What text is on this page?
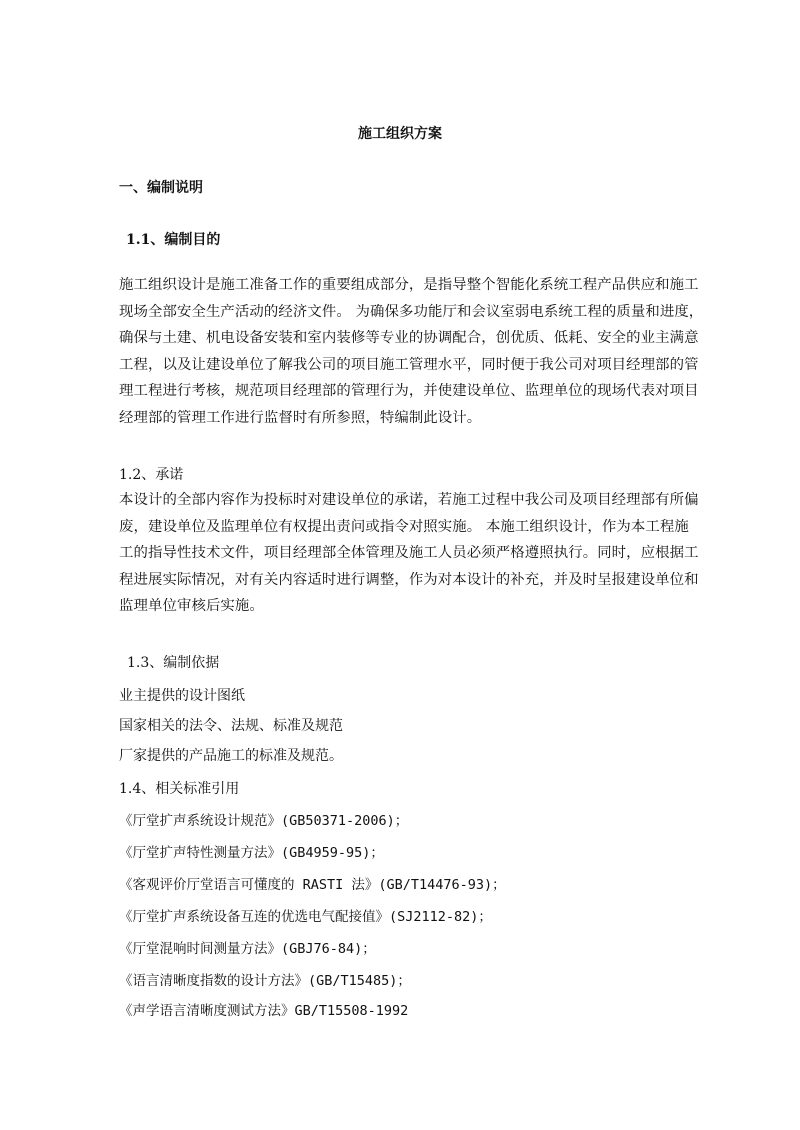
施工组织方案
一、编制说明
1.1、编制目的
施工组织设计是施工准备工作的重要组成部分，是指导整个智能化系统工程产品供应和施工
现场全部安全生产活动的经济文件。 为确保多功能厅和会议室弱电系统工程的质量和进度，
确保与土建、机电设备安装和室内装修等专业的协调配合，创优质、低耗、安全的业主满意
工程，以及让建设单位了解我公司的项目施工管理水平，同时便于我公司对项目经理部的管
理工程进行考核，规范项目经理部的管理行为，并使建设单位、监理单位的现场代表对项目
经理部的管理工作进行监督时有所参照，特编制此设计。
1.2、承诺
本设计的全部内容作为投标时对建设单位的承诺，若施工过程中我公司及项目经理部有所偏
废，建设单位及监理单位有权提出责问或指令对照实施。 本施工组织设计，作为本工程施
工的指导性技术文件，项目经理部全体管理及施工人员必须严格遵照执行。同时，应根据工
程进展实际情况，对有关内容适时进行调整，作为对本设计的补充，并及时呈报建设单位和
监理单位审核后实施。
1.3、编制依据
业主提供的设计图纸
国家相关的法令、法规、标准及规范
厂家提供的产品施工的标准及规范。
1.4、相关标准引用
《厅堂扩声系统设计规范》(GB50371-2006)；
《厅堂扩声特性测量方法》(GB4959-95)；
《客观评价厅堂语言可懂度的 RASTI 法》(GB/T14476-93)；
《厅堂扩声系统设备互连的优选电气配接值》(SJ2112-82)；
《厅堂混响时间测量方法》(GBJ76-84)；
《语言清晰度指数的设计方法》(GB/T15485)；
《声学语言清晰度测试方法》GB/T15508-1992
